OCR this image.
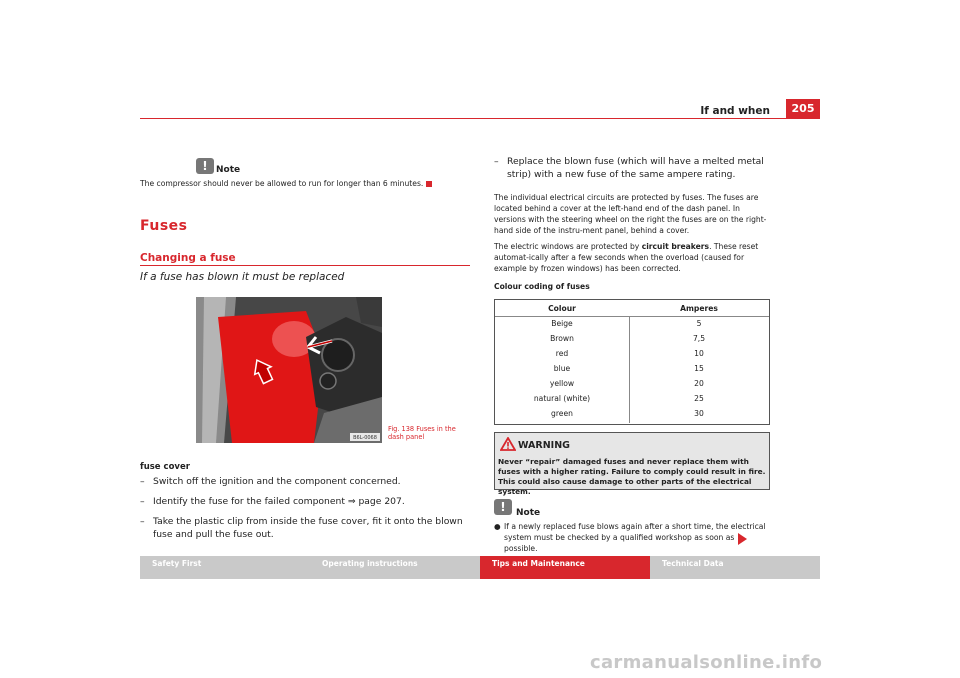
If and when	205
! Note
The compressor should never be allowed to run for longer than 6 minutes.
Fuses
Changing a fuse
If a fuse has blown it must be replaced
B6L-0068
Fig. 138 Fuses in the
dash panel
fuse cover
– Switch off the ignition and the component concerned.
– Identify the fuse for the failed component ⇒ page 207.
– Take the plastic clip from inside the fuse cover, fit it onto the blown fuse and pull the fuse out.
– Replace the blown fuse (which will have a melted metal strip) with a new fuse of the same ampere rating.
The individual electrical circuits are protected by fuses. The fuses are located behind a cover at the left-hand end of the dash panel. In versions with the steering wheel on the right the fuses are on the right-hand side of the instru-ment panel, behind a cover.
The electric windows are protected by circuit breakers. These reset automat-ically after a few seconds when the overload (caused for example by frozen windows) has been corrected.
Colour coding of fuses
Colour	Amperes
Beige	5
Brown	7,5
red	10
blue	15
yellow	20
natural (white)	25
green	30
WARNING
Never “repair” damaged fuses and never replace them with fuses with a higher rating. Failure to comply could result in fire. This could also cause damage to other parts of the electrical system.
!	Note
● If a newly replaced fuse blows again after a short time, the electrical system must be checked by a qualified workshop as soon as possible.
Safety First	Operating instructions	Tips and Maintenance	Technical Data
carmanualsonline.info
